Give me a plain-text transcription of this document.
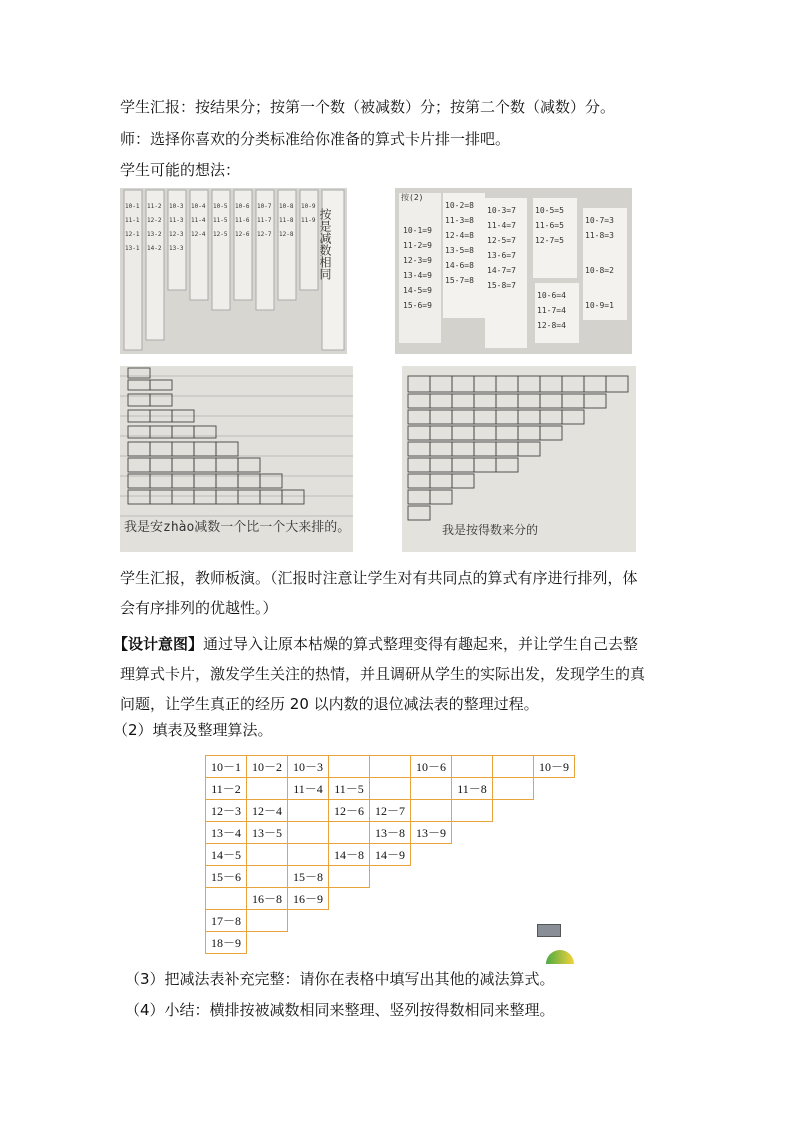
学生汇报：按结果分；按第一个数（被减数）分；按第二个数（减数）分。
师：选择你喜欢的分类标准给你准备的算式卡片排一排吧。
学生可能的想法：
10-1
11-1
12-1
13-1
11-2
12-2
13-2
14-2
10-3
11-3
12-3
13-3
10-4
11-4
12-4
10-5
11-5
12-5
10-6
11-6
12-6
10-7
11-7
12-7
10-8
11-8
12-8
10-9
11-9 按是减数相同
按(2)
10-1=9
11-2=9
12-3=9
13-4=9
14-5=9
15-6=9
10-2=8
11-3=8
12-4=8
13-5=8
14-6=8
15-7=8
10-3=7
11-4=7
12-5=7
13-6=7
14-7=7
15-8=7
10-5=5
11-6=5
12-7=5
10-6=4
11-7=4
12-8=4
10-7=3
11-8=3
10-8=2
10-9=1
我是安zhào减数一个比一个大来排的。	我是按得数来分的
学生汇报，教师板演。（汇报时注意让学生对有共同点的算式有序进行排列，体
会有序排列的优越性。）
【设计意图】通过导入让原本枯燥的算式整理变得有趣起来，并让学生自己去整
理算式卡片，激发学生关注的热情，并且调研从学生的实际出发，发现学生的真
问题，让学生真正的经历 20 以内数的退位减法表的整理过程。
（2）填表及整理算法。
10－1	10－2	10－3			10－6			10－9
11－2		11－4	11－5			11－8		
12－3	12－4		12－6	12－7				
13－4	13－5			13－8	13－9			
14－5			14－8	14－9				
15－6		15－8						
	16－8	16－9						
17－8								
18－9								
（3）把减法表补充完整：请你在表格中填写出其他的减法算式。
（4）小结：横排按被减数相同来整理、竖列按得数相同来整理。
